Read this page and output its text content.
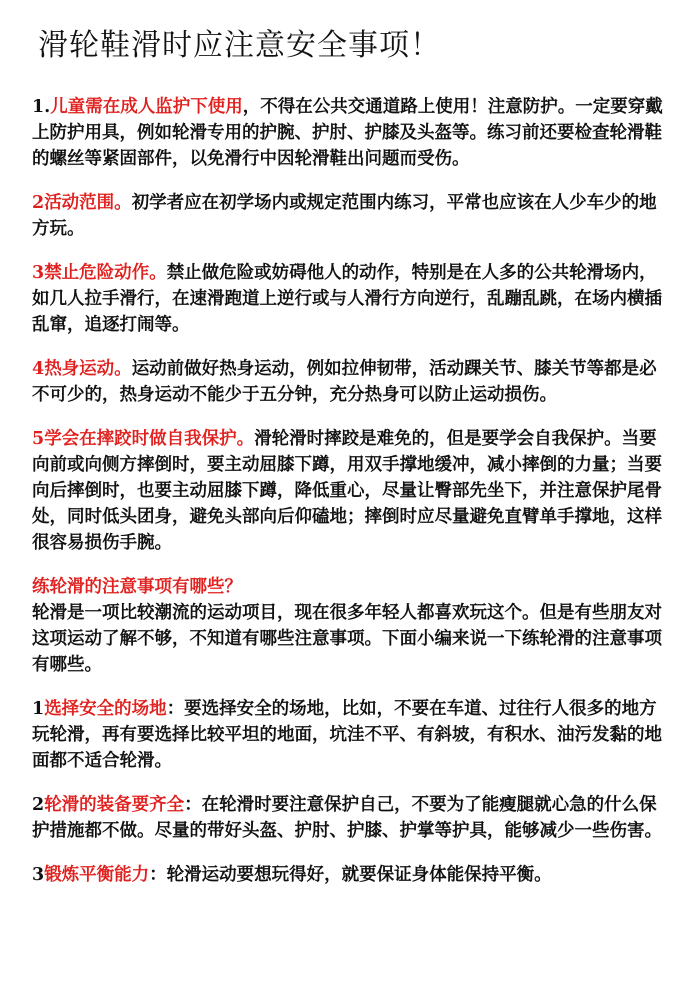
滑轮鞋滑时应注意安全事项！
1.儿童需在成人监护下使用，不得在公共交通道路上使用！注意防护。一定要穿戴上防护用具，例如轮滑专用的护腕、护肘、护膝及头盔等。练习前还要检查轮滑鞋的螺丝等紧固部件，以免滑行中因轮滑鞋出问题而受伤。
2活动范围。初学者应在初学场内或规定范围内练习，平常也应该在人少车少的地方玩。
3禁止危险动作。禁止做危险或妨碍他人的动作，特别是在人多的公共轮滑场内，如几人拉手滑行，在速滑跑道上逆行或与人滑行方向逆行，乱蹦乱跳，在场内横插乱窜，追逐打闹等。
4热身运动。运动前做好热身运动，例如拉伸韧带，活动踝关节、膝关节等都是必不可少的，热身运动不能少于五分钟，充分热身可以防止运动损伤。
5学会在摔跤时做自我保护。滑轮滑时摔跤是难免的，但是要学会自我保护。当要向前或向侧方摔倒时，要主动屈膝下蹲，用双手撑地缓冲，减小摔倒的力量；当要向后摔倒时，也要主动屈膝下蹲，降低重心，尽量让臀部先坐下，并注意保护尾骨处，同时低头团身，避免头部向后仰磕地；摔倒时应尽量避免直臂单手撑地，这样很容易损伤手腕。
练轮滑的注意事项有哪些？
轮滑是一项比较潮流的运动项目，现在很多年轻人都喜欢玩这个。但是有些朋友对这项运动了解不够，不知道有哪些注意事项。下面小编来说一下练轮滑的注意事项有哪些。
1选择安全的场地：要选择安全的场地，比如，不要在车道、过往行人很多的地方玩轮滑，再有要选择比较平坦的地面，坑洼不平、有斜坡，有积水、油污发黏的地面都不适合轮滑。
2轮滑的装备要齐全：在轮滑时要注意保护自己，不要为了能瘦腿就心急的什么保护措施都不做。尽量的带好头盔、护肘、护膝、护掌等护具，能够减少一些伤害。
3锻炼平衡能力：轮滑运动要想玩得好，就要保证身体能保持平衡。
